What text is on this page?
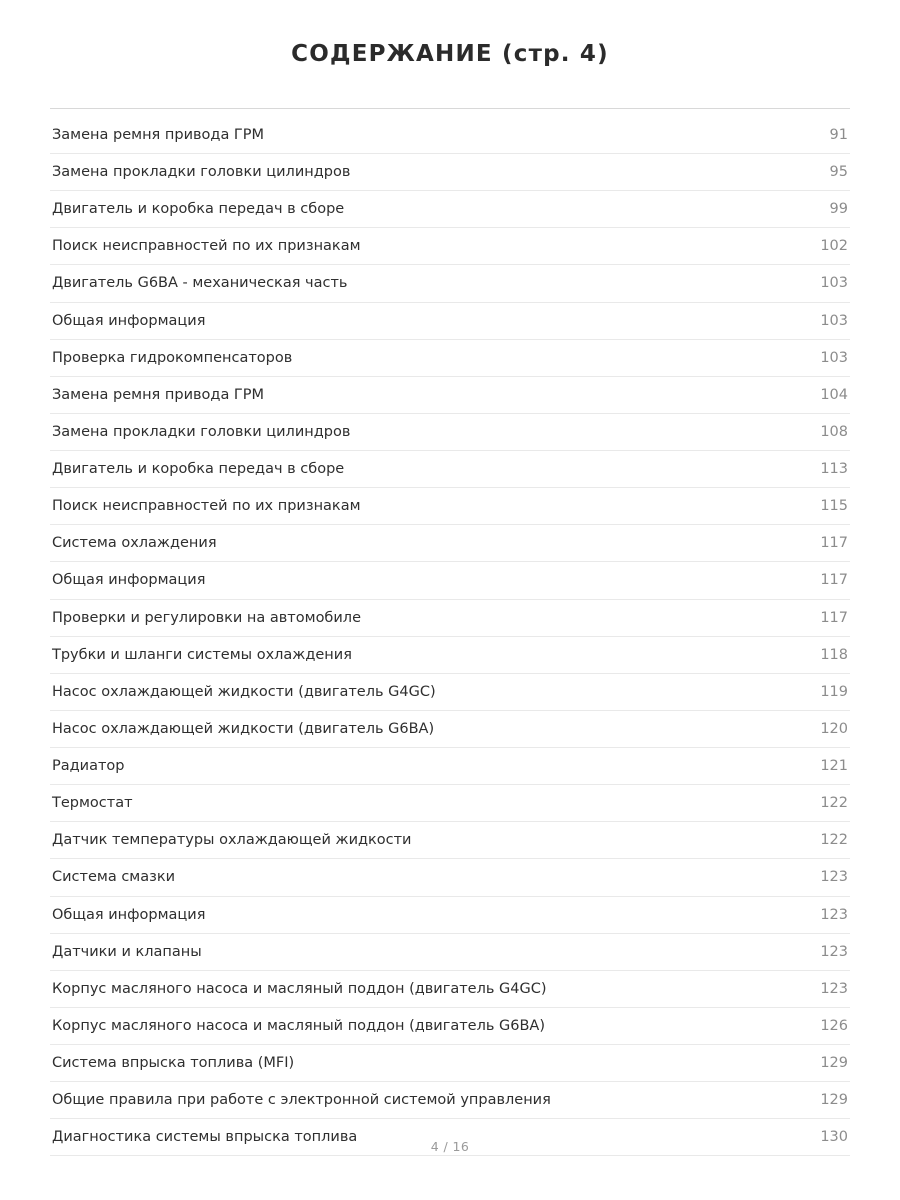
СОДЕРЖАНИЕ (стр. 4)
Замена ремня привода ГРМ	91
Замена прокладки головки цилиндров	95
Двигатель и коробка передач в сборе	99
Поиск неисправностей по их признакам	102
Двигатель G6BA - механическая часть	103
Общая информация	103
Проверка гидрокомпенсаторов	103
Замена ремня привода ГРМ	104
Замена прокладки головки цилиндров	108
Двигатель и коробка передач в сборе	113
Поиск неисправностей по их признакам	115
Система охлаждения	117
Общая информация	117
Проверки и регулировки на автомобиле	117
Трубки и шланги системы охлаждения	118
Насос охлаждающей жидкости (двигатель G4GC)	119
Насос охлаждающей жидкости (двигатель G6BA)	120
Радиатор	121
Термостат	122
Датчик температуры охлаждающей жидкости	122
Система смазки	123
Общая информация	123
Датчики и клапаны	123
Корпус масляного насоса и масляный поддон (двигатель G4GC)	123
Корпус масляного насоса и масляный поддон (двигатель G6BA)	126
Система впрыска топлива (MFI)	129
Общие правила при работе с электронной системой управления	129
Диагностика системы впрыска топлива	130
4 / 16
